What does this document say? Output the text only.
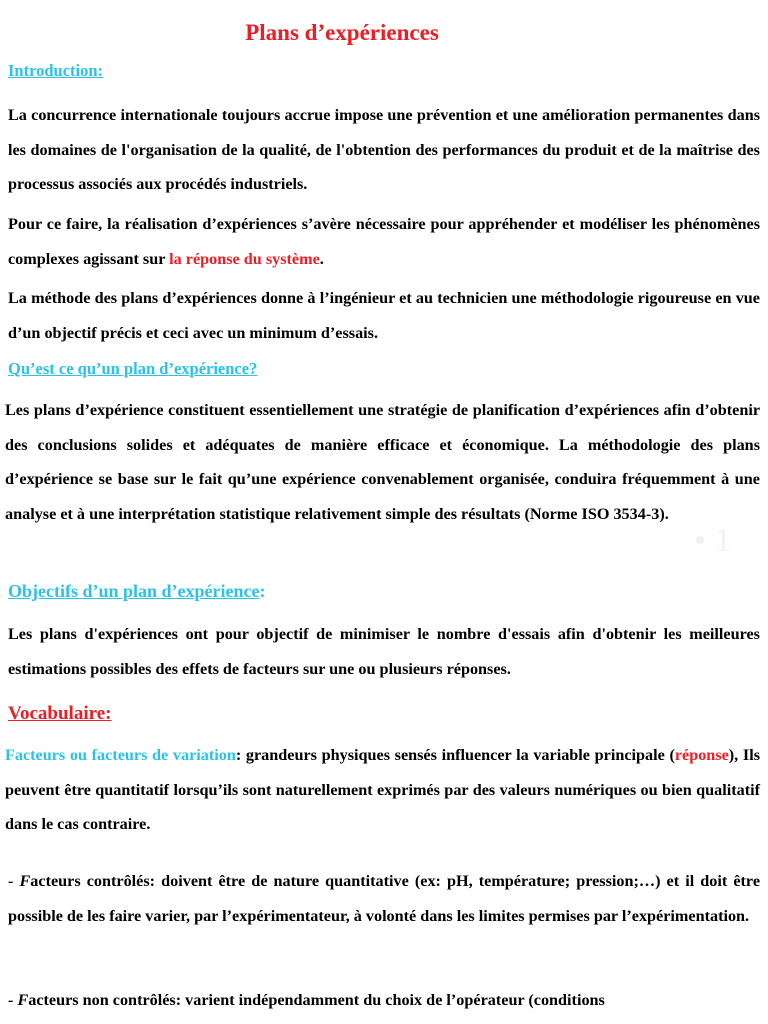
Plans d’expériences
Introduction:

La concurrence internationale toujours accrue impose une prévention et une amélioration permanentes dans les domaines de l'organisation de la qualité, de l'obtention des performances du produit et de la maîtrise des processus associés aux procédés industriels.

Pour ce faire, la réalisation d’expériences s’avère nécessaire pour appréhender et modéliser les phénomènes complexes agissant sur la réponse du système.

La méthode des plans d’expériences donne à l’ingénieur et au technicien une méthodologie rigoureuse en vue d’un objectif précis et ceci avec un minimum d’essais.

Qu’est ce qu’un plan d’expérience?

Les plans d’expérience constituent essentiellement une stratégie de planification d’expériences afin d’obtenir des conclusions solides et adéquates de manière efficace et économique. La méthodologie des plans d’expérience se base sur le fait qu’une expérience convenablement organisée, conduira fréquemment à une analyse et à une interprétation statistique relativement simple des résultats (Norme ISO 3534-3).

Objectifs d’un plan d’expérience:

Les plans d'expériences ont pour objectif de minimiser le nombre d'essais afin d'obtenir les meilleures estimations possibles des effets de facteurs sur une ou plusieurs réponses.

Vocabulaire:

Facteurs ou facteurs de variation: grandeurs physiques sensés influencer la variable principale (réponse), Ils peuvent être quantitatif lorsqu’ils sont naturellement exprimés par des valeurs numériques ou bien qualitatif dans le cas contraire.

- Facteurs contrôlés: doivent être de nature quantitative (ex: pH, température; pression;…) et il doit être possible de les faire varier, par l’expérimentateur, à volonté dans les limites permises par l’expérimentation.

- Facteurs non contrôlés: varient indépendamment du choix de l’opérateur (conditions

• 1
